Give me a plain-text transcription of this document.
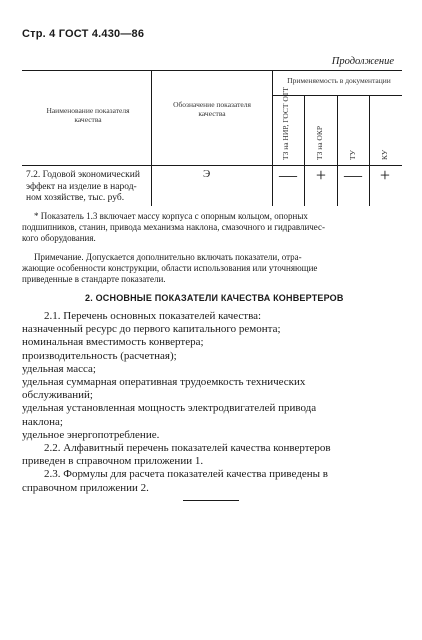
Стр. 4 ГОСТ 4.430—86
Продолжение
Наименование показателя качества
Обозначение показателя качества
Применяемость в документации
ТЗ на НИР, ГОСТ ОТТ	ТЗ на ОКР	ТУ	КУ
7.2. Годовой экономический
эффект на изделие в народ-
ном хозяйстве, тыс. руб.
Э	—	+ — +
* Показатель 1.3 включает массу корпуса с опорным кольцом, опорных
подшипников, станин, привода механизма наклона, смазочного и гидравличес-
кого оборудования.
Примечание. Допускается дополнительно включать показатели, отра-
жающие особенности конструкции, области использования или уточняющие
приведенные в стандарте показатели.
2. ОСНОВНЫЕ ПОКАЗАТЕЛИ КАЧЕСТВА КОНВЕРТЕРОВ
2.1. Перечень основных показателей качества:
назначенный ресурс до первого капитального ремонта;
номинальная вместимость конвертера;
производительность (расчетная);
удельная масса;
удельная суммарная оперативная трудоемкость технических
обслуживаний;
удельная установленная мощность электродвигателей привода
наклона;
удельное энергопотребление.
2.2. Алфавитный перечень показателей качества конвертеров
приведен в справочном приложении 1.
2.3. Формулы для расчета показателей качества приведены в
справочном приложении 2.
